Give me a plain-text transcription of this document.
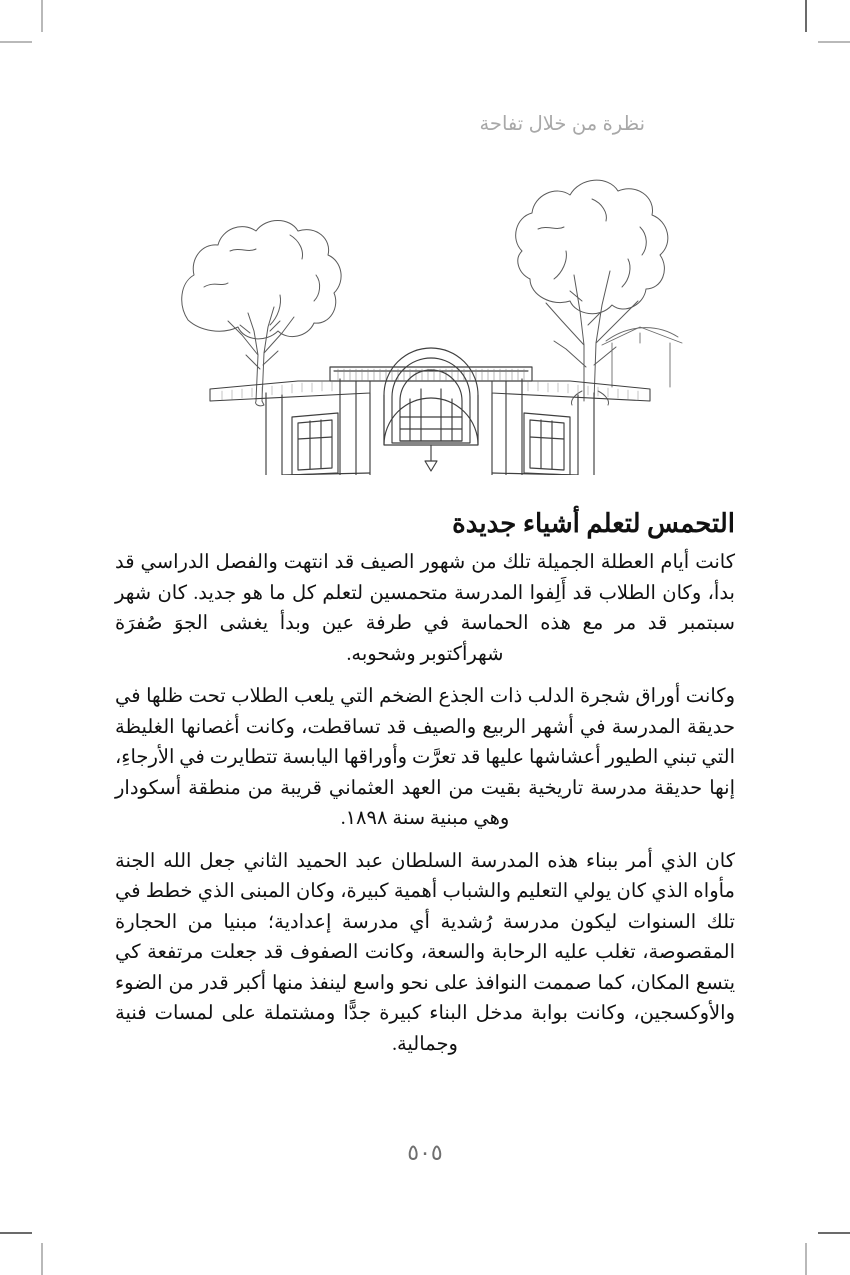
نظرة من خلال تفاحة
التحمس لتعلم أشياء جديدة

كانت أيام العطلة الجميلة تلك من شهور الصيف قد انتهت والفصل الدراسي قد بدأ، وكان الطلاب قد أَلِفوا المدرسة متحمسين لتعلم كل ما هو جديد. كان شهر سبتمبر قد مر مع هذه الحماسة في طرفة عين وبدأ يغشى الجوَ صُفرَة شهرأكتوبر وشحوبه.

وكانت أوراق شجرة الدلب ذات الجذع الضخم التي يلعب الطلاب تحت ظلها في حديقة المدرسة في أشهر الربيع والصيف قد تساقطت، وكانت أغصانها الغليظة التي تبني الطيور أعشاشها عليها قد تعرَّت وأوراقها اليابسة تتطايرت في الأرجاءِ، إنها حديقة مدرسة تاريخية بقيت من العهد العثماني قريبة من منطقة أسكودار وهي مبنية سنة ١٨٩٨.

كان الذي أمر ببناء هذه المدرسة السلطان عبد الحميد الثاني جعل الله الجنة مأواه الذي كان يولي التعليم والشباب أهمية كبيرة، وكان المبنى الذي خطط في تلك السنوات ليكون مدرسة رُشدية أي مدرسة إعدادية؛ مبنيا من الحجارة المقصوصة، تغلب عليه الرحابة والسعة، وكانت الصفوف قد جعلت مرتفعة كي يتسع المكان، كما صممت النوافذ على نحو واسع لينفذ منها أكبر قدر من الضوء والأوكسجين، وكانت بوابة مدخل البناء كبيرة جدًّا ومشتملة على لمسات فنية وجمالية.

٥٠٥
